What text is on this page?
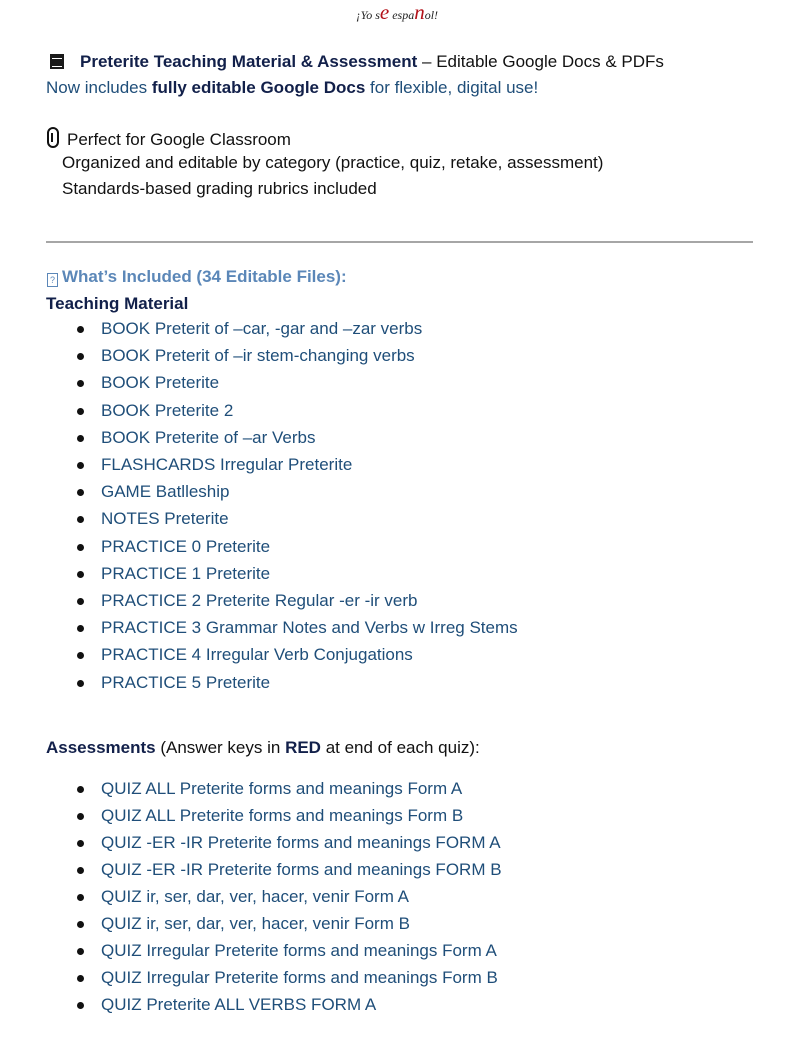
¡Yo se espa~ nol!
Preterite Teaching Material & Assessment – Editable Google Docs & PDFs
Now includes fully editable Google Docs for flexible, digital use!
Perfect for Google Classroom
Organized and editable by category (practice, quiz, retake, assessment)
Standards-based grading rubrics included
? What’s Included (34 Editable Files):
Teaching Material
BOOK Preterit of –car, -gar and –zar verbs
BOOK Preterit of –ir stem-changing verbs
BOOK Preterite
BOOK Preterite 2
BOOK Preterite of –ar Verbs
FLASHCARDS Irregular Preterite
GAME Batlleship
NOTES Preterite
PRACTICE 0 Preterite
PRACTICE 1 Preterite
PRACTICE 2 Preterite Regular -er -ir verb
PRACTICE 3 Grammar Notes and Verbs w Irreg Stems
PRACTICE 4 Irregular Verb Conjugations
PRACTICE 5 Preterite
Assessments (Answer keys in RED at end of each quiz):
QUIZ ALL Preterite forms and meanings Form A
QUIZ ALL Preterite forms and meanings Form B
QUIZ -ER -IR Preterite forms and meanings FORM A
QUIZ -ER -IR Preterite forms and meanings FORM B
QUIZ ir, ser, dar, ver, hacer, venir Form A
QUIZ ir, ser, dar, ver, hacer, venir Form B
QUIZ Irregular Preterite forms and meanings Form A
QUIZ Irregular Preterite forms and meanings Form B
QUIZ Preterite ALL VERBS FORM A
